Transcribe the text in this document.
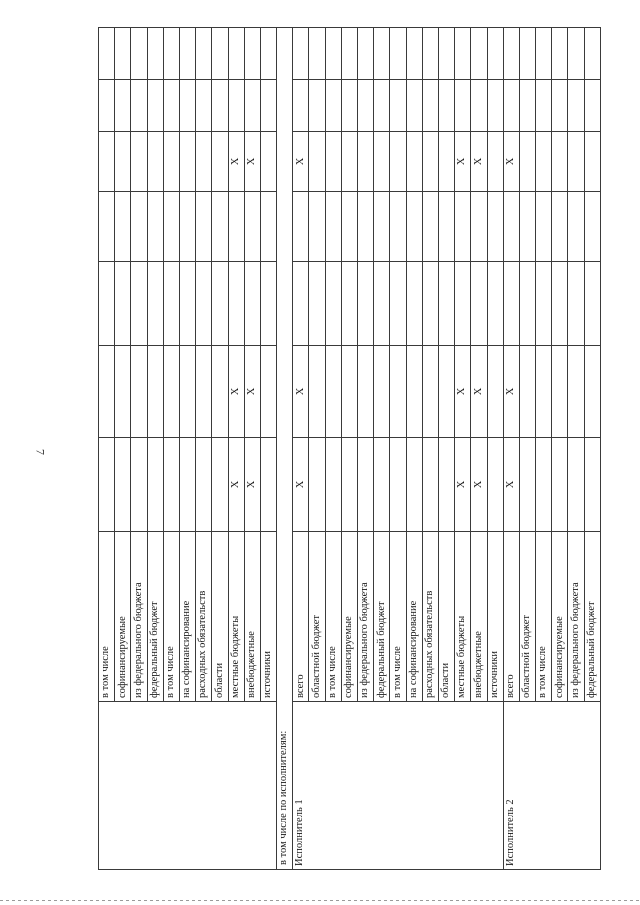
7
	в том числе							
	софинансируемые							
	из федерального бюджета							
	федеральный бюджет							
	в том числе							
	на софинансирование							
	расходных обязательств							
	области							
	местные бюджеты	X	X			X		
	внебюджетные	X	X			X		
	источники							
в том числе по исполнителям:								
Исполнитель 1	всего	X	X			X		
	областной бюджет							
	в том числе							
	софинансируемые							
	из федерального бюджета							
	федеральный бюджет							
	в том числе							
	на софинансирование							
	расходных обязательств							
	области							
	местные бюджеты	X	X			X		
	внебюджетные	X	X			X		
	источники							
Исполнитель 2	всего	X	X			X		
	областной бюджет							
	в том числе							
	софинансируемые							
	из федерального бюджета							
	федеральный бюджет							
